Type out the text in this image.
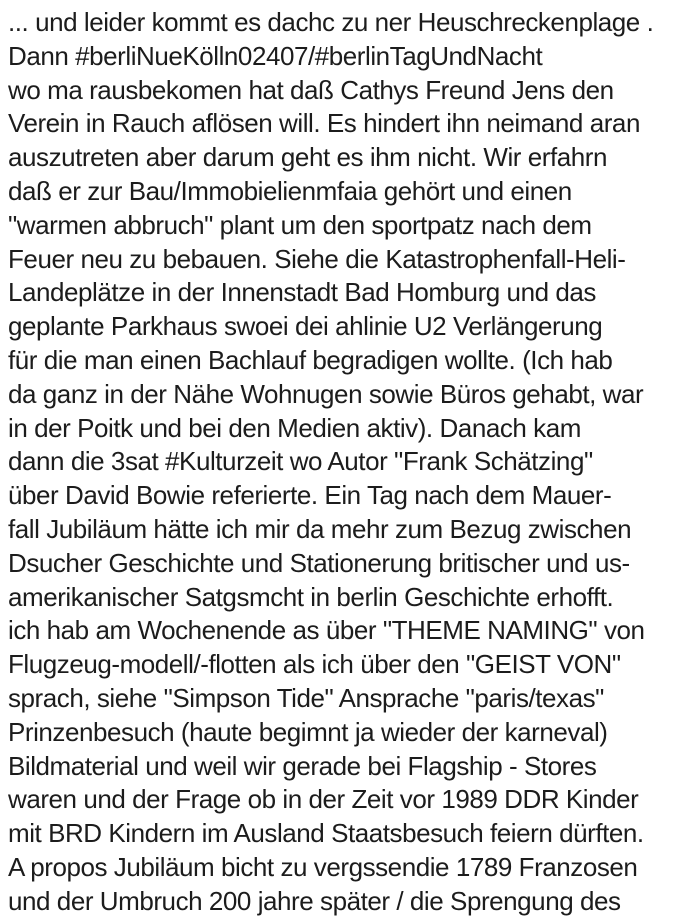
... und leider kommt es dachc zu ner Heuschreckenplage .
Dann #berliNueKölln02407/#berlinTagUndNacht
wo ma rausbekomen hat daß Cathys Freund Jens den
Verein in Rauch aflösen will. Es hindert ihn neimand aran
auszutreten aber darum geht es ihm nicht. Wir erfahrn
daß er zur Bau/Immobielienmfaia gehört und einen
"warmen abbruch" plant um den sportpatz nach dem
Feuer neu zu bebauen. Siehe die Katastrophenfall-Heli-
Landeplätze in der Innenstadt Bad Homburg und das
geplante Parkhaus swoei dei ahlinie U2 Verlängerung
für die man einen Bachlauf begradigen wollte. (Ich hab
da ganz in der Nähe Wohnugen sowie Büros gehabt, war
in der Poitk und bei den Medien aktiv). Danach kam
dann die 3sat #Kulturzeit wo Autor "Frank Schätzing"
über David Bowie referierte. Ein Tag nach dem Mauer-
fall Jubiläum hätte ich mir da mehr zum Bezug zwischen
Dsucher Geschichte und Stationerung britischer und us-
amerikanischer Satgsmcht in berlin Geschichte erhofft.
ich hab am Wochenende as über "THEME NAMING" von
Flugzeug-modell/-flotten als ich über den "GEIST VON"
sprach, siehe "Simpson Tide" Ansprache "paris/texas"
Prinzenbesuch (haute begimnt ja wieder der karneval)
Bildmaterial und weil wir gerade bei Flagship - Stores
waren und der Frage ob in der Zeit vor 1989 DDR Kinder
mit BRD Kindern im Ausland Staatsbesuch feiern dürften.
A propos Jubiläum bicht zu vergssendie 1789 Franzosen
und der Umbruch 200 jahre später / die Sprengung des
